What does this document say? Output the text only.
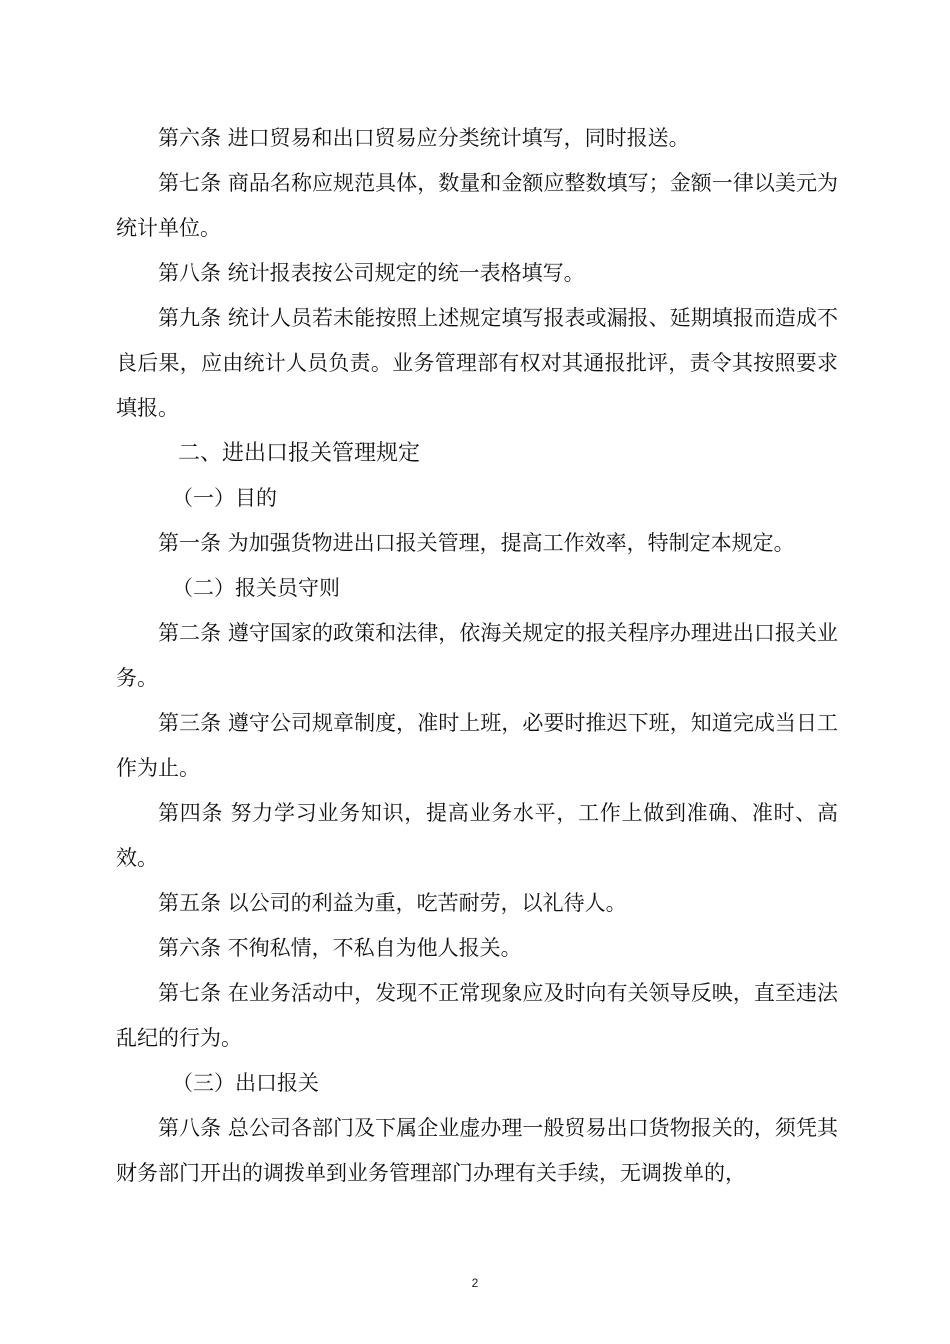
第六条 进口贸易和出口贸易应分类统计填写，同时报送。

第七条 商品名称应规范具体，数量和金额应整数填写；金额一律以美元为统计单位。

第八条 统计报表按公司规定的统一表格填写。

第九条 统计人员若未能按照上述规定填写报表或漏报、延期填报而造成不良后果，应由统计人员负责。业务管理部有权对其通报批评，责令其按照要求填报。

二、进出口报关管理规定

（一）目的

第一条 为加强货物进出口报关管理，提高工作效率，特制定本规定。

（二）报关员守则

第二条 遵守国家的政策和法律，依海关规定的报关程序办理进出口报关业务。

第三条 遵守公司规章制度，准时上班，必要时推迟下班，知道完成当日工作为止。

第四条 努力学习业务知识，提高业务水平，工作上做到准确、准时、高效。

第五条 以公司的利益为重，吃苦耐劳，以礼待人。

第六条 不徇私情，不私自为他人报关。

第七条 在业务活动中，发现不正常现象应及时向有关领导反映，直至违法乱纪的行为。

（三）出口报关

第八条 总公司各部门及下属企业虚办理一般贸易出口货物报关的，须凭其财务部门开出的调拨单到业务管理部门办理有关手续，无调拨单的，

2
